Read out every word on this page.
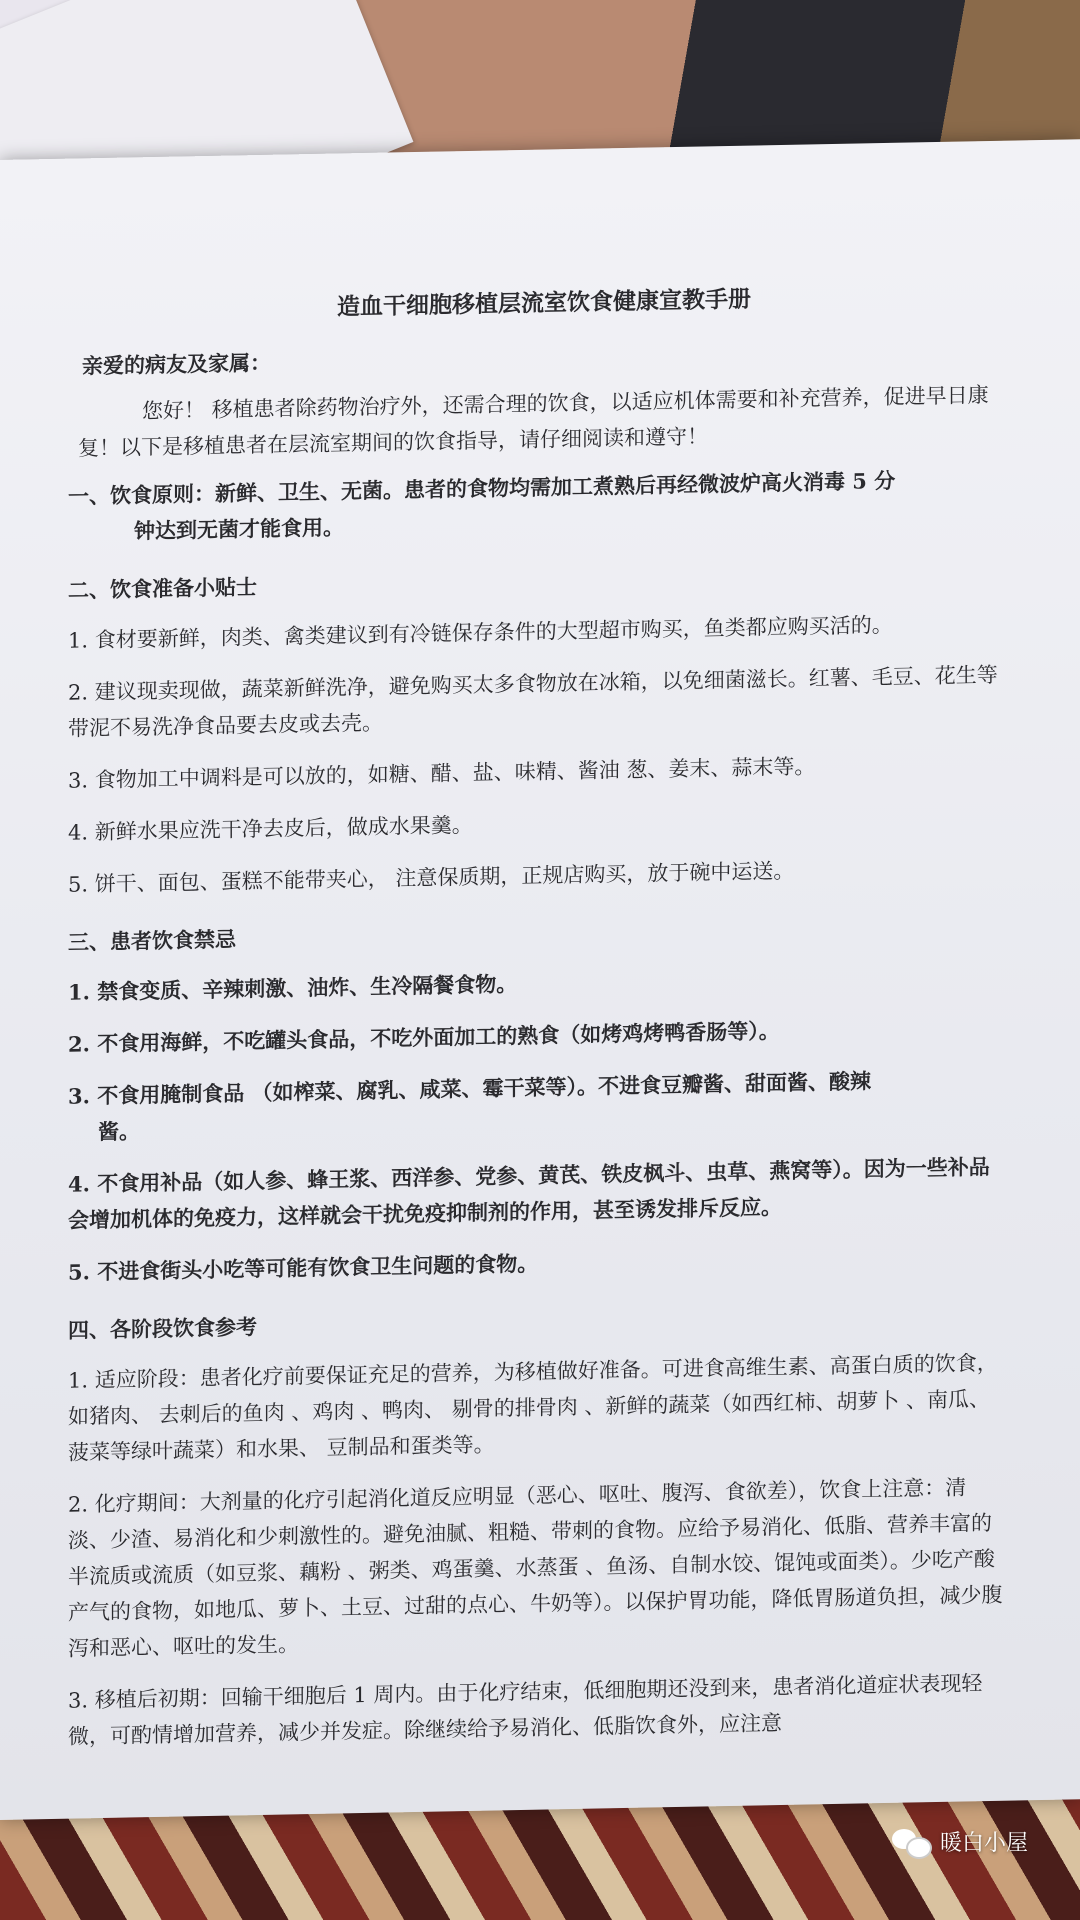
造血干细胞移植层流室饮食健康宣教手册
亲爱的病友及家属：
您好！ 移植患者除药物治疗外，还需合理的饮食，以适应机体需要和补充营养，促进早日康复！以下是移植患者在层流室期间的饮食指导，请仔细阅读和遵守！
一、饮食原则：新鲜、卫生、无菌。患者的食物均需加工煮熟后再经微波炉高火消毒 5 分
钟达到无菌才能食用。
二、饮食准备小贴士
1. 食材要新鲜，肉类、禽类建议到有冷链保存条件的大型超市购买，鱼类都应购买活的。
2. 建议现卖现做，蔬菜新鲜洗净，避免购买太多食物放在冰箱，以免细菌滋长。红薯、毛豆、花生等带泥不易洗净食品要去皮或去壳。
3. 食物加工中调料是可以放的，如糖、醋、盐、味精、酱油 葱、姜末、蒜末等。
4. 新鲜水果应洗干净去皮后，做成水果羹。
5. 饼干、面包、蛋糕不能带夹心， 注意保质期，正规店购买，放于碗中运送。
三、患者饮食禁忌
1. 禁食变质、辛辣刺激、油炸、生冷隔餐食物。
2. 不食用海鲜，不吃罐头食品，不吃外面加工的熟食（如烤鸡烤鸭香肠等）。
3. 不食用腌制食品 （如榨菜、腐乳、咸菜、霉干菜等）。不进食豆瓣酱、甜面酱、酸辣
酱。
4. 不食用补品（如人参、蜂王浆、西洋参、党参、黄芪、铁皮枫斗、虫草、燕窝等）。因为一些补品会增加机体的免疫力，这样就会干扰免疫抑制剂的作用，甚至诱发排斥反应。
5. 不进食街头小吃等可能有饮食卫生问题的食物。
四、各阶段饮食参考
1. 适应阶段：患者化疗前要保证充足的营养，为移植做好准备。可进食高维生素、高蛋白质的饮食，如猪肉、 去刺后的鱼肉 、鸡肉 、鸭肉、 剔骨的排骨肉 、新鲜的蔬菜（如西红柿、胡萝卜 、南瓜、菠菜等绿叶蔬菜）和水果、 豆制品和蛋类等。
2. 化疗期间：大剂量的化疗引起消化道反应明显（恶心、呕吐、腹泻、食欲差），饮食上注意：清淡、少渣、易消化和少刺激性的。避免油腻、粗糙、带刺的食物。应给予易消化、低脂、营养丰富的半流质或流质（如豆浆、藕粉 、粥类、鸡蛋羹、水蒸蛋 、鱼汤、自制水饺、馄饨或面类）。少吃产酸产气的食物，如地瓜、萝卜、土豆、过甜的点心、牛奶等）。以保护胃功能，降低胃肠道负担，减少腹泻和恶心、呕吐的发生。
3. 移植后初期：回输干细胞后 1 周内。由于化疗结束，低细胞期还没到来，患者消化道症状表现轻微，可酌情增加营养，减少并发症。除继续给予易消化、低脂饮食外，应注意
暖白小屋
